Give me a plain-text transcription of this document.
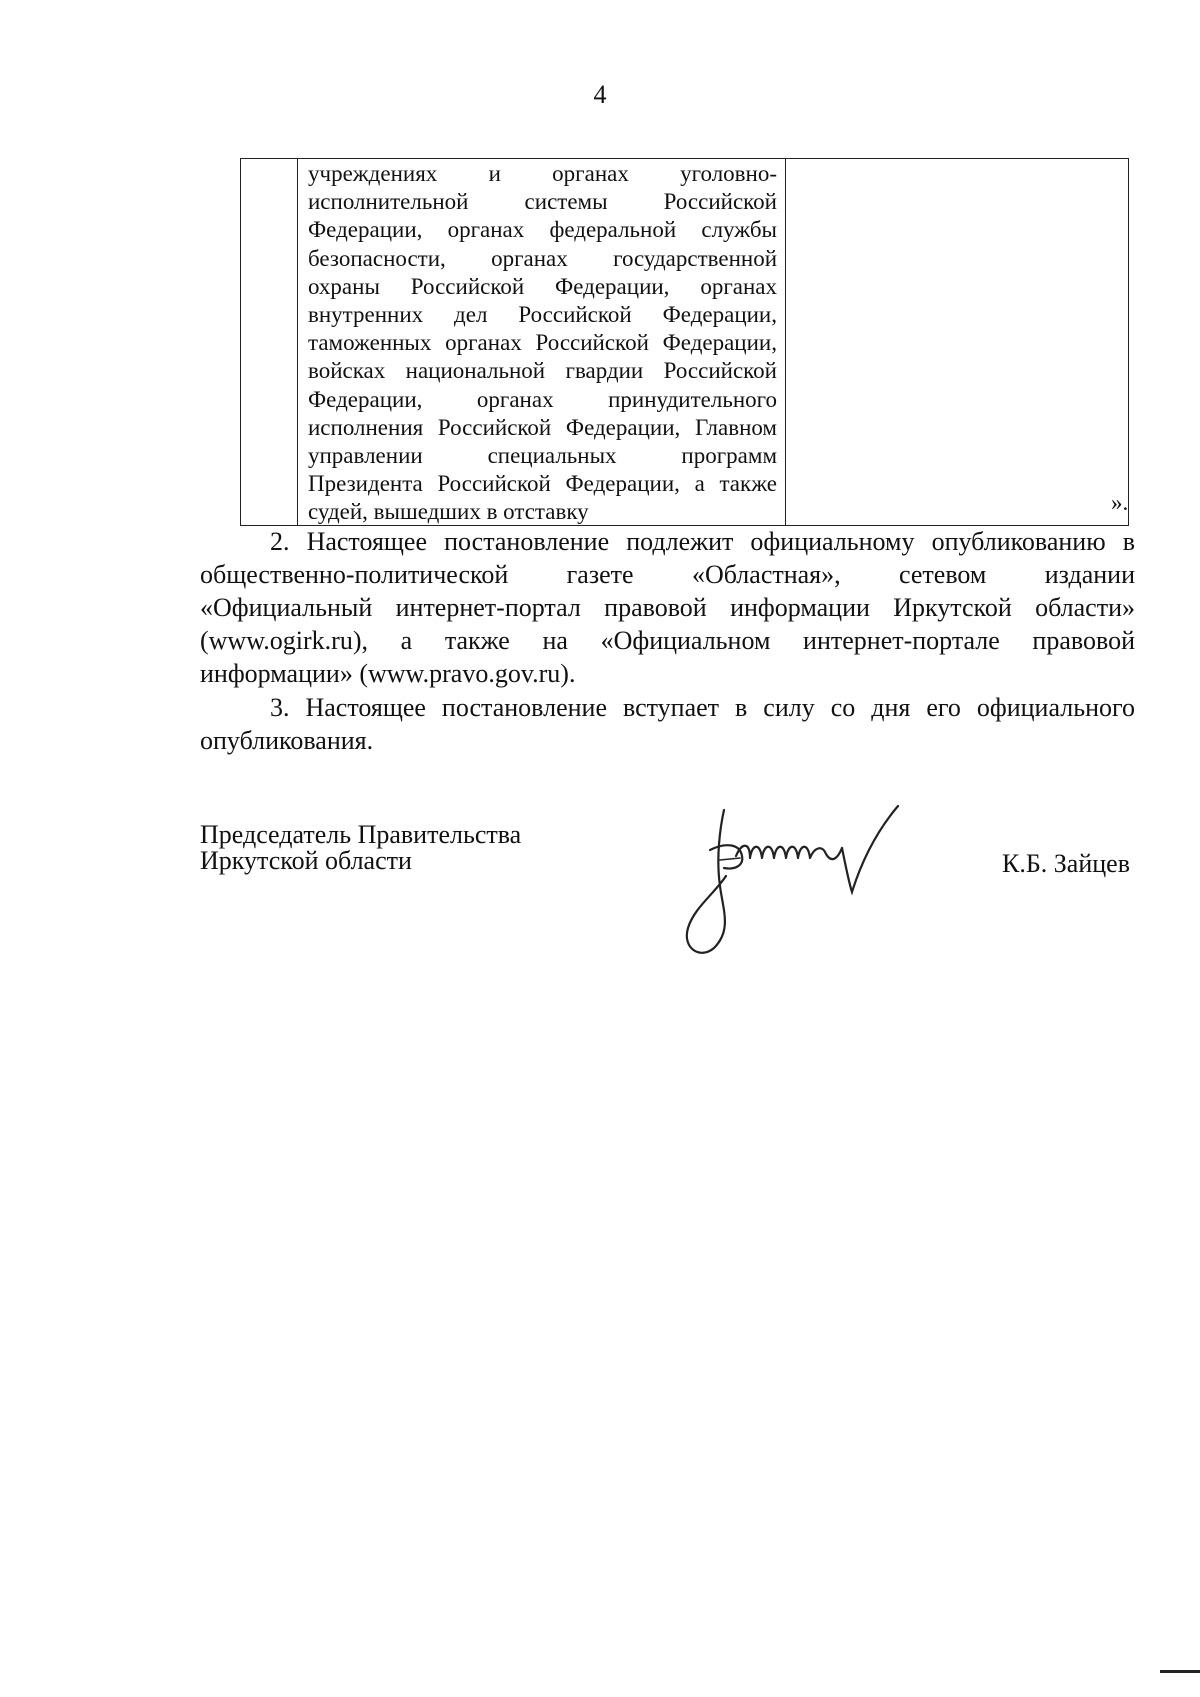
4
учреждениях и органах уголовно-
исполнительной системы Российской
Федерации, органах федеральной службы
безопасности, органах государственной
охраны Российской Федерации, органах
внутренних дел Российской Федерации,
таможенных органах Российской Федерации,
войсках национальной гвардии Российской
Федерации, органах принудительного
исполнения Российской Федерации, Главном
управлении специальных программ
Президента Российской Федерации, а также
судей, вышедших в отставку	».
2. Настоящее постановление подлежит официальному опубликованию в
общественно-политической газете «Областная», сетевом издании
«Официальный интернет-портал правовой информации Иркутской области»
(www.ogirk.ru), а также на «Официальном интернет-портале правовой
информации» (www.pravo.gov.ru).
3. Настоящее постановление вступает в силу со дня его официального
опубликования.
Председатель Правительства
Иркутской области	К.Б. Зайцев
